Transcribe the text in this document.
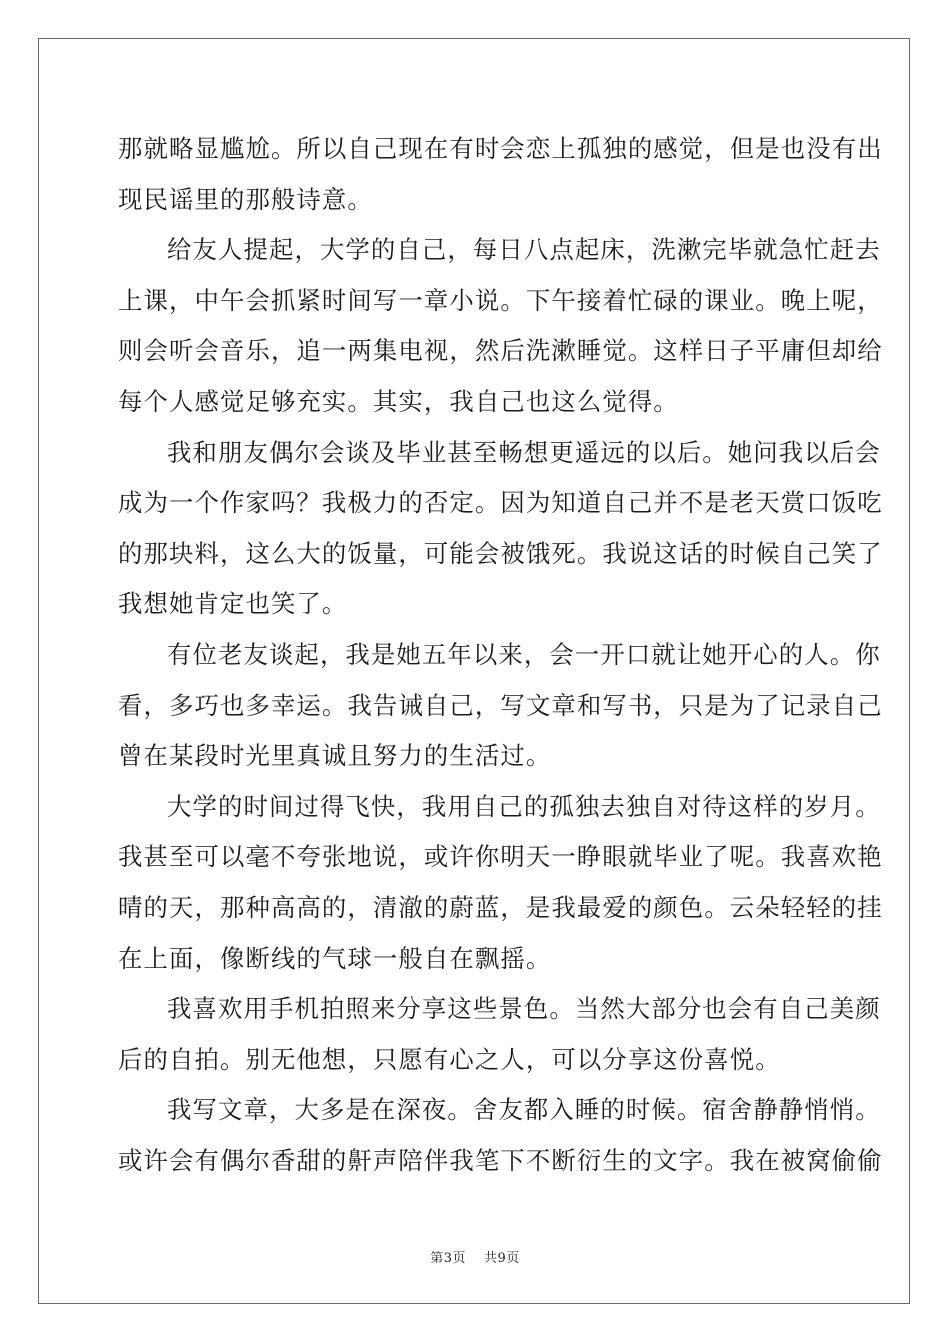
那就略显尴尬。所以自己现在有时会恋上孤独的感觉，但是也没有出
现民谣里的那般诗意。

给友人提起，大学的自己，每日八点起床，洗漱完毕就急忙赶去
上课，中午会抓紧时间写一章小说。下午接着忙碌的课业。晚上呢，
则会听会音乐，追一两集电视，然后洗漱睡觉。这样日子平庸但却给
每个人感觉足够充实。其实，我自己也这么觉得。

我和朋友偶尔会谈及毕业甚至畅想更遥远的以后。她问我以后会
成为一个作家吗？我极力的否定。因为知道自己并不是老天赏口饭吃
的那块料，这么大的饭量，可能会被饿死。我说这话的时候自己笑了
我想她肯定也笑了。

有位老友谈起，我是她五年以来，会一开口就让她开心的人。你
看，多巧也多幸运。我告诫自己，写文章和写书，只是为了记录自己
曾在某段时光里真诚且努力的生活过。

大学的时间过得飞快，我用自己的孤独去独自对待这样的岁月。
我甚至可以毫不夸张地说，或许你明天一睁眼就毕业了呢。我喜欢艳
晴的天，那种高高的，清澈的蔚蓝，是我最爱的颜色。云朵轻轻的挂
在上面，像断线的气球一般自在飘摇。

我喜欢用手机拍照来分享这些景色。当然大部分也会有自己美颜
后的自拍。别无他想，只愿有心之人，可以分享这份喜悦。

我写文章，大多是在深夜。舍友都入睡的时候。宿舍静静悄悄。
或许会有偶尔香甜的鼾声陪伴我笔下不断衍生的文字。我在被窝偷偷

第3页 共9页
